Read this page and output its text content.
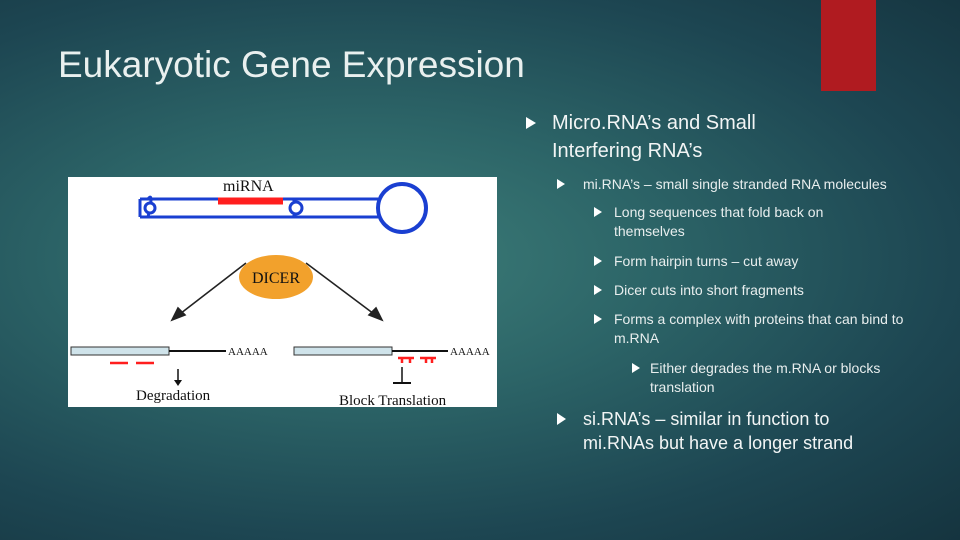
Eukaryotic Gene Expression
miRNA
DICER
AAAAA
Degradation
AAAAA
Block Translation
Micro.RNA’s and Small Interfering RNA’s
mi.RNA’s – small single stranded RNA molecules
Long sequences that fold back on themselves
Form hairpin turns – cut away
Dicer cuts into short fragments
Forms a complex with proteins that can bind to m.RNA
Either degrades the m.RNA or blocks translation
si.RNA’s – similar in function to mi.RNAs but have a longer strand
